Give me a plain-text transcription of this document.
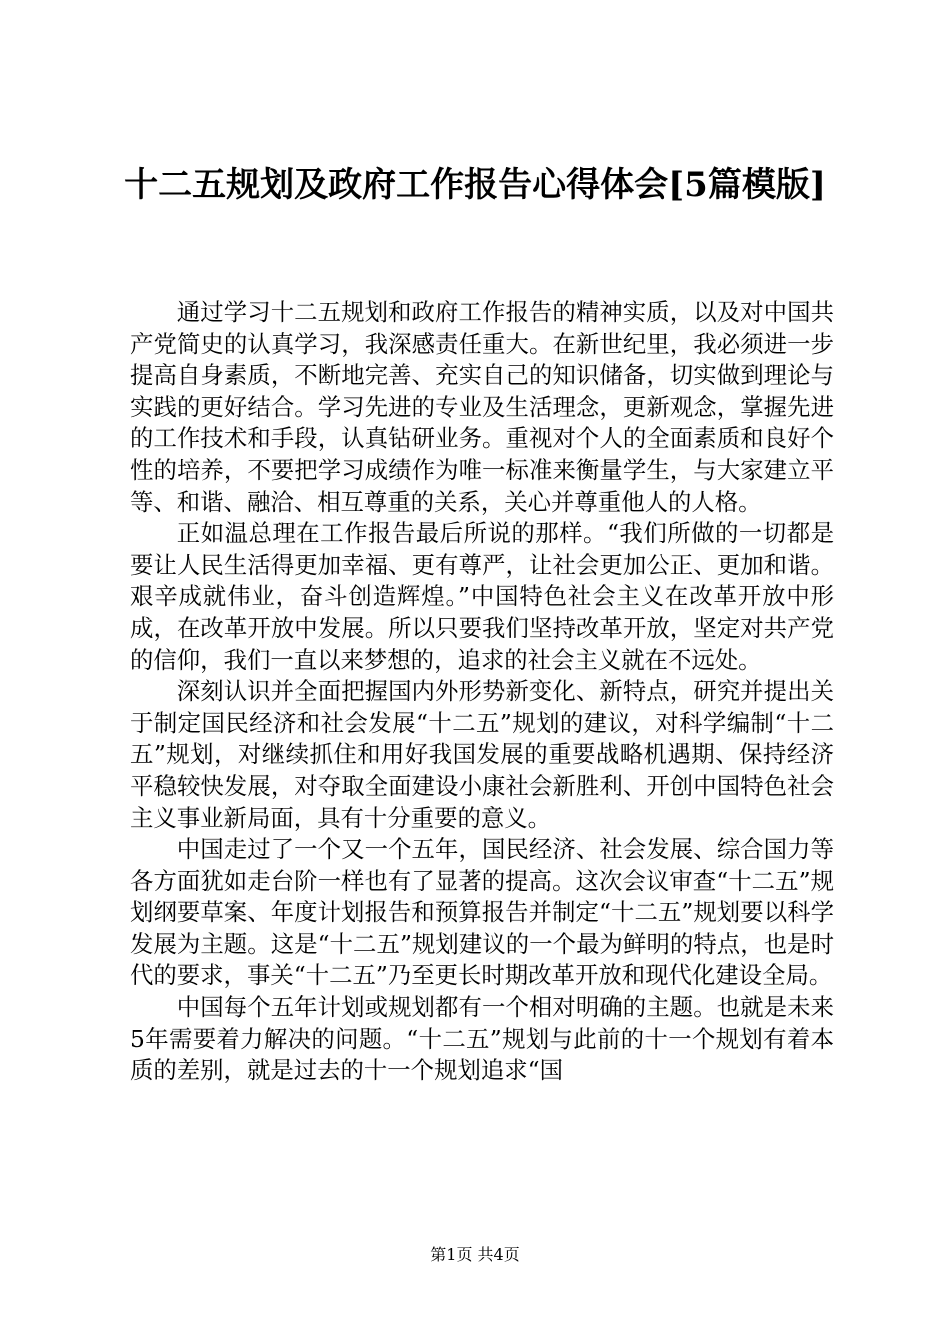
十二五规划及政府工作报告心得体会[5篇模版]

通过学习十二五规划和政府工作报告的精神实质，以及对中国共产党简史的认真学习，我深感责任重大。在新世纪里，我必须进一步提高自身素质，不断地完善、充实自己的知识储备，切实做到理论与实践的更好结合。学习先进的专业及生活理念，更新观念，掌握先进的工作技术和手段，认真钻研业务。重视对个人的全面素质和良好个性的培养，不要把学习成绩作为唯一标准来衡量学生，与大家建立平等、和谐、融洽、相互尊重的关系，关心并尊重他人的人格。

正如温总理在工作报告最后所说的那样。“我们所做的一切都是要让人民生活得更加幸福、更有尊严，让社会更加公正、更加和谐。艰辛成就伟业，奋斗创造辉煌。”中国特色社会主义在改革开放中形成，在改革开放中发展。所以只要我们坚持改革开放，坚定对共产党的信仰，我们一直以来梦想的，追求的社会主义就在不远处。

深刻认识并全面把握国内外形势新变化、新特点，研究并提出关于制定国民经济和社会发展“十二五”规划的建议，对科学编制“十二五”规划，对继续抓住和用好我国发展的重要战略机遇期、保持经济平稳较快发展，对夺取全面建设小康社会新胜利、开创中国特色社会主义事业新局面，具有十分重要的意义。

中国走过了一个又一个五年，国民经济、社会发展、综合国力等各方面犹如走台阶一样也有了显著的提高。这次会议审查“十二五”规划纲要草案、年度计划报告和预算报告并制定“十二五”规划要以科学发展为主题。这是“十二五”规划建议的一个最为鲜明的特点，也是时代的要求，事关“十二五”乃至更长时期改革开放和现代化建设全局。

中国每个五年计划或规划都有一个相对明确的主题。也就是未来5年需要着力解决的问题。“十二五”规划与此前的十一个规划有着本质的差别，就是过去的十一个规划追求“国

第1页 共4页
